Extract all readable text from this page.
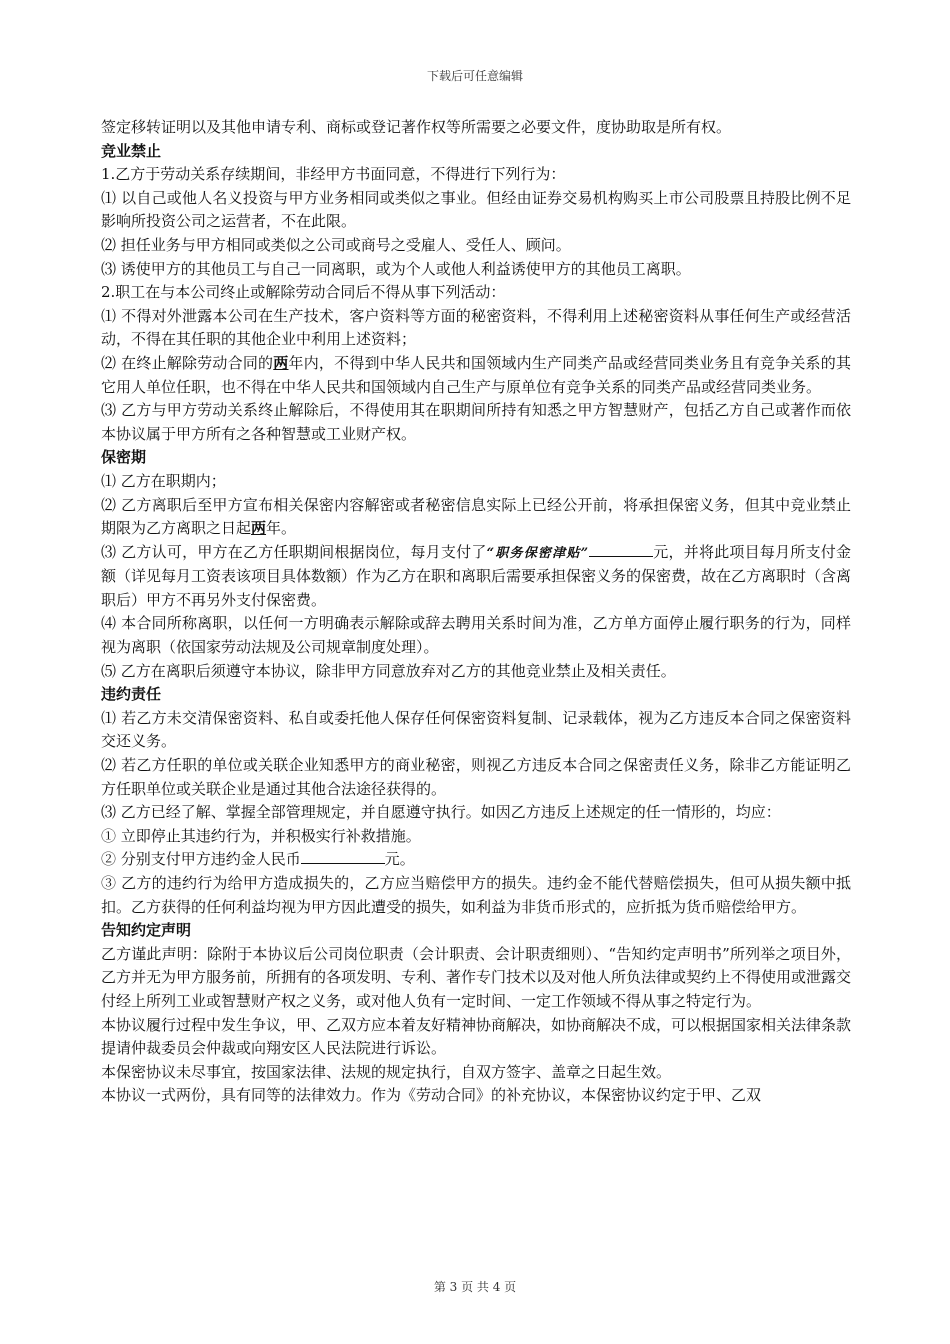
下载后可任意编辑

签定移转证明以及其他申请专利、商标或登记著作权等所需要之必要文件，度协助取是所有权。

竞业禁止

1.乙方于劳动关系存续期间，非经甲方书面同意，不得进行下列行为：

⑴ 以自己或他人名义投资与甲方业务相同或类似之事业。但经由证券交易机构购买上市公司股票且持股比例不足影响所投资公司之运营者，不在此限。

⑵ 担任业务与甲方相同或类似之公司或商号之受雇人、受任人、顾问。

⑶ 诱使甲方的其他员工与自己一同离职，或为个人或他人利益诱使甲方的其他员工离职。

2.职工在与本公司终止或解除劳动合同后不得从事下列活动：

⑴ 不得对外泄露本公司在生产技术，客户资料等方面的秘密资料，不得利用上述秘密资料从事任何生产或经营活动，不得在其任职的其他企业中利用上述资料；

⑵ 在终止解除劳动合同的两年内，不得到中华人民共和国领域内生产同类产品或经营同类业务且有竞争关系的其它用人单位任职，也不得在中华人民共和国领域内自己生产与原单位有竞争关系的同类产品或经营同类业务。

⑶ 乙方与甲方劳动关系终止解除后，不得使用其在职期间所持有知悉之甲方智慧财产，包括乙方自己或著作而依本协议属于甲方所有之各种智慧或工业财产权。

保密期

⑴ 乙方在职期内；

⑵ 乙方离职后至甲方宣布相关保密内容解密或者秘密信息实际上已经公开前，将承担保密义务，但其中竞业禁止期限为乙方离职之日起两年。

⑶ 乙方认可，甲方在乙方任职期间根据岗位，每月支付了“职务保密津贴”	元，并将此项目每月所支付金额（详见每月工资表该项目具体数额）作为乙方在职和离职后需要承担保密义务的保密费，故在乙方离职时（含离职后）甲方不再另外支付保密费。

⑷ 本合同所称离职，以任何一方明确表示解除或辞去聘用关系时间为准，乙方单方面停止履行职务的行为，同样视为离职（依国家劳动法规及公司规章制度处理）。

⑸ 乙方在离职后须遵守本协议，除非甲方同意放弃对乙方的其他竞业禁止及相关责任。

违约责任

⑴ 若乙方未交清保密资料、私自或委托他人保存任何保密资料复制、记录载体，视为乙方违反本合同之保密资料交还义务。

⑵ 若乙方任职的单位或关联企业知悉甲方的商业秘密，则视乙方违反本合同之保密责任义务，除非乙方能证明乙方任职单位或关联企业是通过其他合法途径获得的。

⑶ 乙方已经了解、掌握全部管理规定，并自愿遵守执行。如因乙方违反上述规定的任一情形的，均应：

① 立即停止其违约行为，并积极实行补救措施。

② 分别支付甲方违约金人民币	元。

③ 乙方的违约行为给甲方造成损失的，乙方应当赔偿甲方的损失。违约金不能代替赔偿损失，但可从损失额中抵扣。乙方获得的任何利益均视为甲方因此遭受的损失，如利益为非货币形式的，应折抵为货币赔偿给甲方。

告知约定声明

乙方谨此声明：除附于本协议后公司岗位职责（会计职责、会计职责细则）、“告知约定声明书”所列举之项目外，乙方并无为甲方服务前，所拥有的各项发明、专利、著作专门技术以及对他人所负法律或契约上不得使用或泄露交付经上所列工业或智慧财产权之义务，或对他人负有一定时间、一定工作领域不得从事之特定行为。

本协议履行过程中发生争议，甲、乙双方应本着友好精神协商解决，如协商解决不成，可以根据国家相关法律条款提请仲裁委员会仲裁或向翔安区人民法院进行诉讼。

本保密协议未尽事宜，按国家法律、法规的规定执行，自双方签字、盖章之日起生效。

本协议一式两份，具有同等的法律效力。作为《劳动合同》的补充协议，本保密协议约定于甲、乙双

第 3 页 共 4 页
